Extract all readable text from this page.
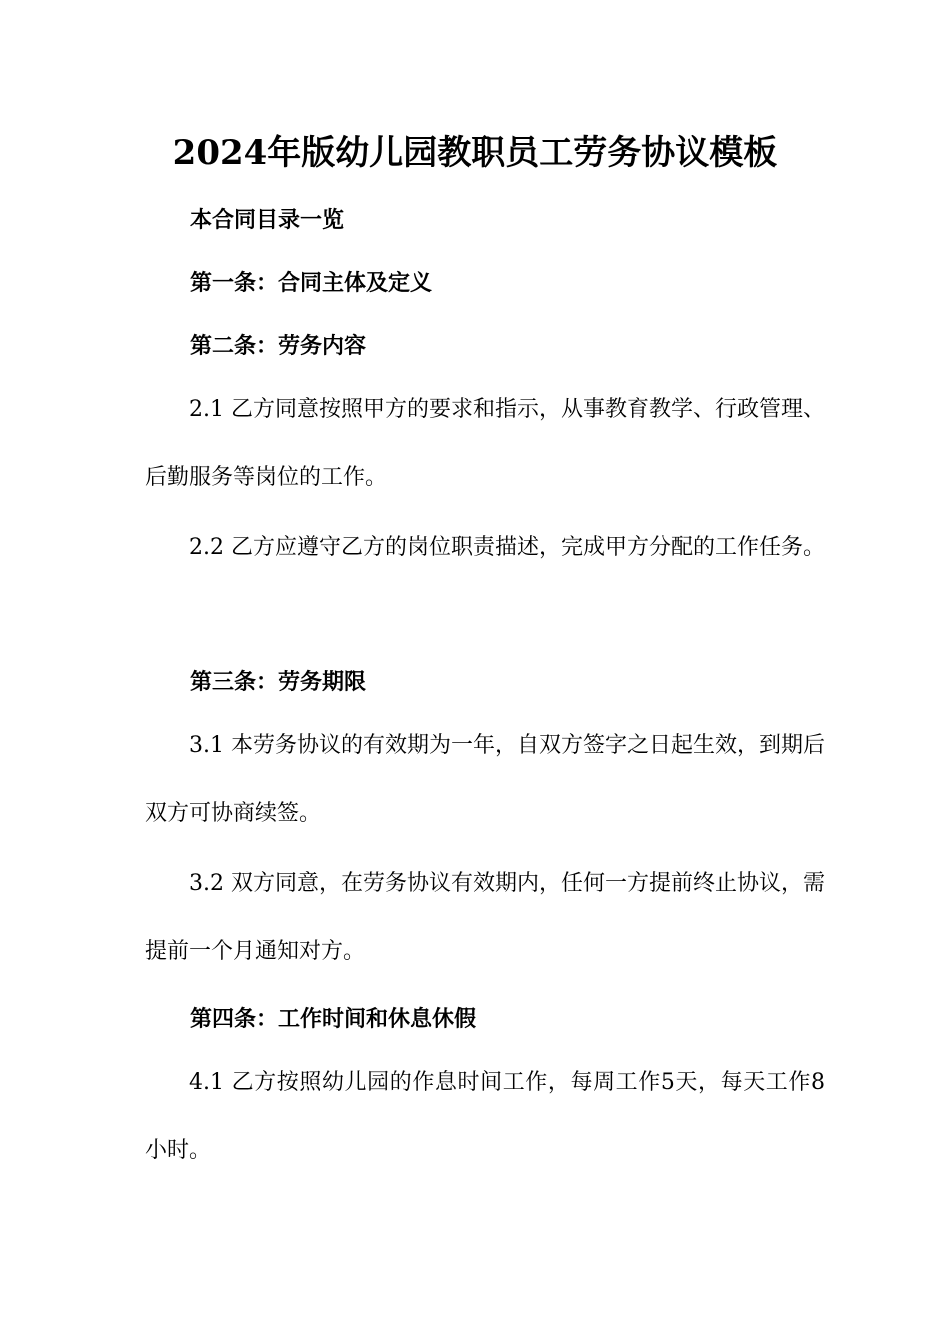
2024年版幼儿园教职员工劳务协议模板
本合同目录一览
第一条：合同主体及定义
第二条：劳务内容
2.1 乙方同意按照甲方的要求和指示，从事教育教学、行政管理、后勤服务等岗位的工作。
2.2 乙方应遵守乙方的岗位职责描述，完成甲方分配的工作任务。
第三条：劳务期限
3.1 本劳务协议的有效期为一年，自双方签字之日起生效，到期后双方可协商续签。
3.2 双方同意，在劳务协议有效期内，任何一方提前终止协议，需提前一个月通知对方。
第四条：工作时间和休息休假
4.1 乙方按照幼儿园的作息时间工作，每周工作5天，每天工作8小时。
